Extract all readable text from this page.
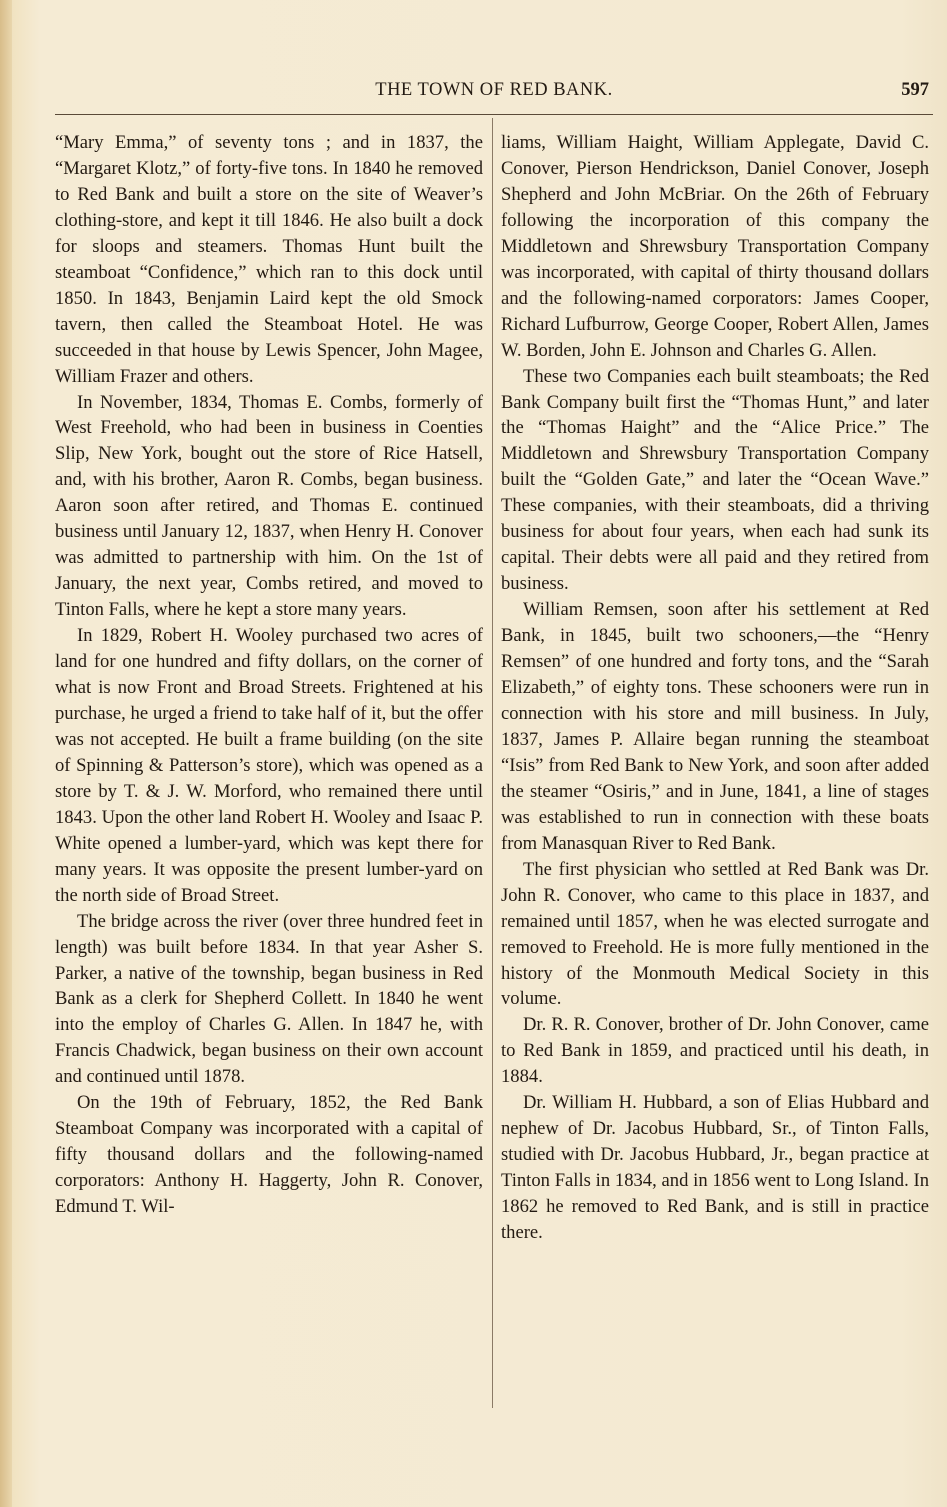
THE TOWN OF RED BANK.	597

“Mary Emma,” of seventy tons ; and in 1837, the “Margaret Klotz,” of forty-five tons. In 1840 he removed to Red Bank and built a store on the site of Weaver’s clothing-store, and kept it till 1846. He also built a dock for sloops and steamers. Thomas Hunt built the steamboat “Confidence,” which ran to this dock until 1850. In 1843, Benjamin Laird kept the old Smock tavern, then called the Steamboat Hotel. He was succeeded in that house by Lewis Spencer, John Magee, William Frazer and others.

In November, 1834, Thomas E. Combs, formerly of West Freehold, who had been in business in Coenties Slip, New York, bought out the store of Rice Hatsell, and, with his brother, Aaron R. Combs, began business. Aaron soon after retired, and Thomas E. continued business until January 12, 1837, when Henry H. Conover was admitted to partnership with him. On the 1st of January, the next year, Combs retired, and moved to Tinton Falls, where he kept a store many years.

In 1829, Robert H. Wooley purchased two acres of land for one hundred and fifty dollars, on the corner of what is now Front and Broad Streets. Frightened at his purchase, he urged a friend to take half of it, but the offer was not accepted. He built a frame building (on the site of Spinning & Patterson’s store), which was opened as a store by T. & J. W. Morford, who remained there until 1843. Upon the other land Robert H. Wooley and Isaac P. White opened a lumber-yard, which was kept there for many years. It was opposite the present lumber-yard on the north side of Broad Street.

The bridge across the river (over three hundred feet in length) was built before 1834. In that year Asher S. Parker, a native of the township, began business in Red Bank as a clerk for Shepherd Collett. In 1840 he went into the employ of Charles G. Allen. In 1847 he, with Francis Chadwick, began business on their own account and continued until 1878.

On the 19th of February, 1852, the Red Bank Steamboat Company was incorporated with a capital of fifty thousand dollars and the following-named corporators: Anthony H. Haggerty, John R. Conover, Edmund T. Wil-

liams, William Haight, William Applegate, David C. Conover, Pierson Hendrickson, Daniel Conover, Joseph Shepherd and John McBriar. On the 26th of February following the incorporation of this company the Middletown and Shrewsbury Transportation Company was incorporated, with capital of thirty thousand dollars and the following-named corporators: James Cooper, Richard Lufburrow, George Cooper, Robert Allen, James W. Borden, John E. Johnson and Charles G. Allen.

These two Companies each built steamboats; the Red Bank Company built first the “Thomas Hunt,” and later the “Thomas Haight” and the “Alice Price.” The Middletown and Shrewsbury Transportation Company built the “Golden Gate,” and later the “Ocean Wave.” These companies, with their steamboats, did a thriving business for about four years, when each had sunk its capital. Their debts were all paid and they retired from business.

William Remsen, soon after his settlement at Red Bank, in 1845, built two schooners,—the “Henry Remsen” of one hundred and forty tons, and the “Sarah Elizabeth,” of eighty tons. These schooners were run in connection with his store and mill business. In July, 1837, James P. Allaire began running the steamboat “Isis” from Red Bank to New York, and soon after added the steamer “Osiris,” and in June, 1841, a line of stages was established to run in connection with these boats from Manasquan River to Red Bank.

The first physician who settled at Red Bank was Dr. John R. Conover, who came to this place in 1837, and remained until 1857, when he was elected surrogate and removed to Freehold. He is more fully mentioned in the history of the Monmouth Medical Society in this volume.

Dr. R. R. Conover, brother of Dr. John Conover, came to Red Bank in 1859, and practiced until his death, in 1884.

Dr. William H. Hubbard, a son of Elias Hubbard and nephew of Dr. Jacobus Hubbard, Sr., of Tinton Falls, studied with Dr. Jacobus Hubbard, Jr., began practice at Tinton Falls in 1834, and in 1856 went to Long Island. In 1862 he removed to Red Bank, and is still in practice there.
